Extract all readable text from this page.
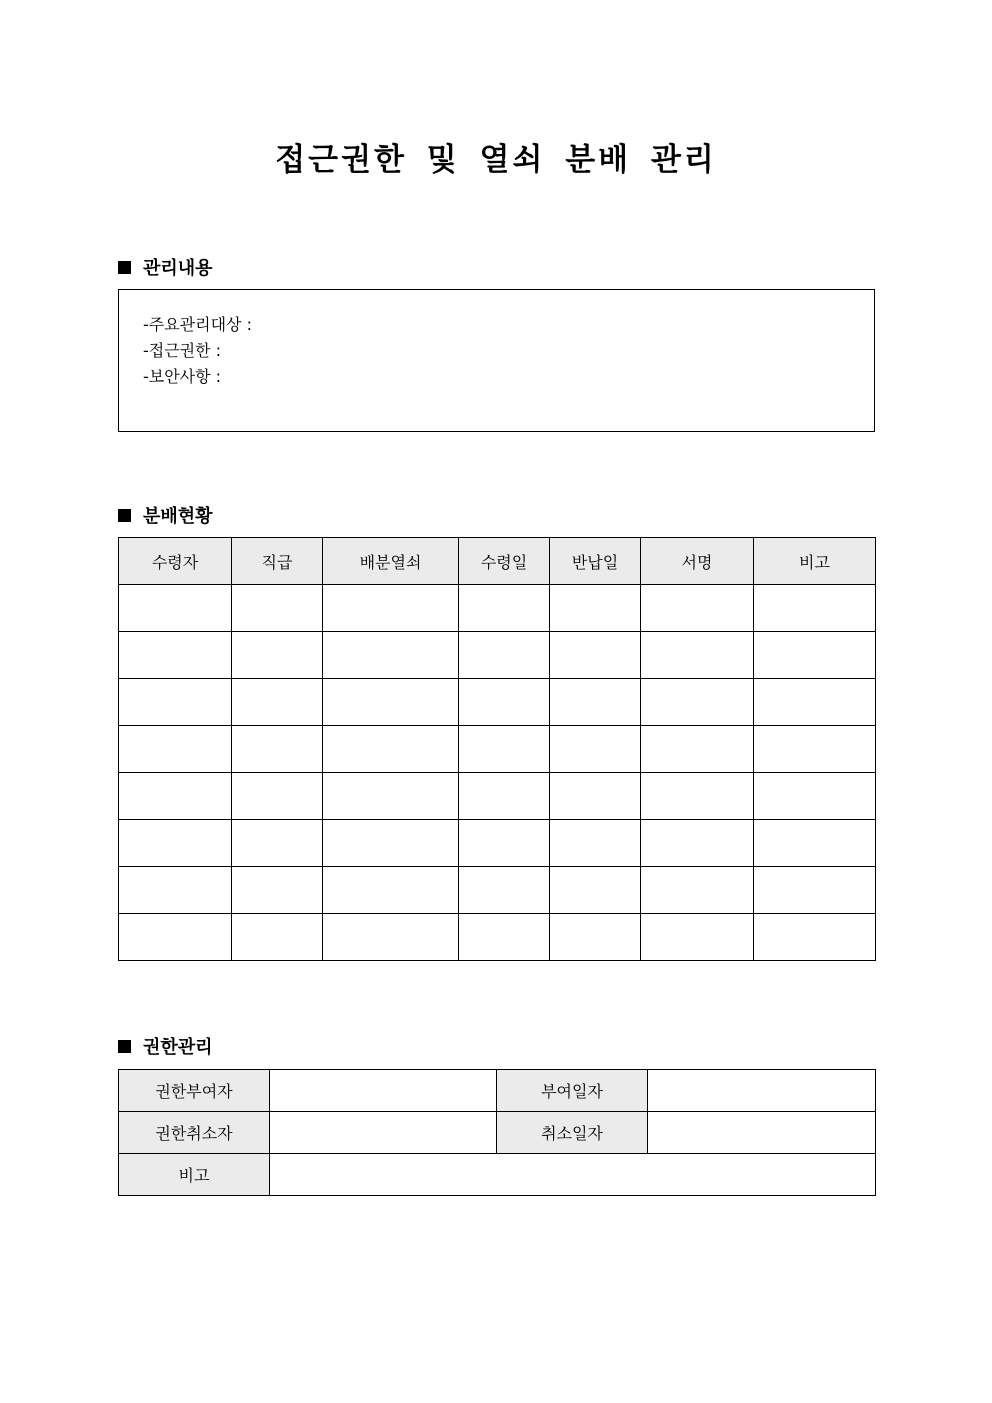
접근권한 및 열쇠 분배 관리
관리내용
-주요관리대상 :
-접근권한 :
-보안사항 :
분배현황
수령자	직급	배분열쇠	수령일	반납일	서명	비고

권한관리
권한부여자		부여일자	
권한취소자		취소일자	
비고			
